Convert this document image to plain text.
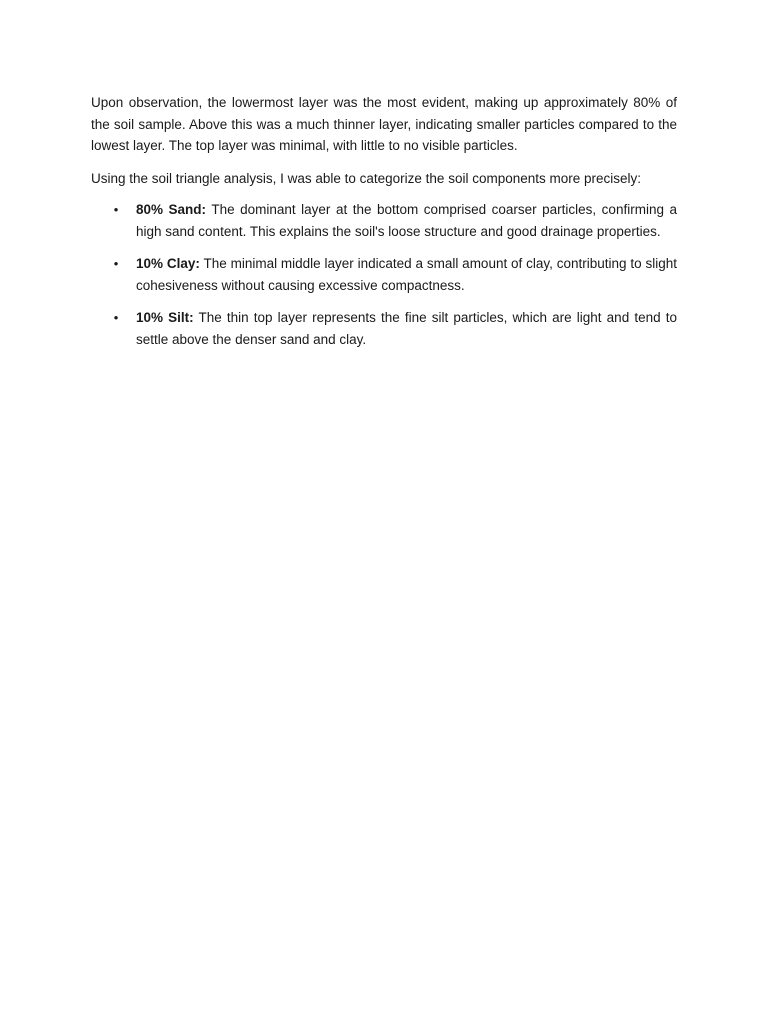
Upon observation, the lowermost layer was the most evident, making up approximately 80% of the soil sample. Above this was a much thinner layer, indicating smaller particles compared to the lowest layer. The top layer was minimal, with little to no visible particles.

Using the soil triangle analysis, I was able to categorize the soil components more precisely:

• 80% Sand: The dominant layer at the bottom comprised coarser particles, confirming a high sand content. This explains the soil's loose structure and good drainage properties.
• 10% Clay: The minimal middle layer indicated a small amount of clay, contributing to slight cohesiveness without causing excessive compactness.
• 10% Silt: The thin top layer represents the fine silt particles, which are light and tend to settle above the denser sand and clay.
